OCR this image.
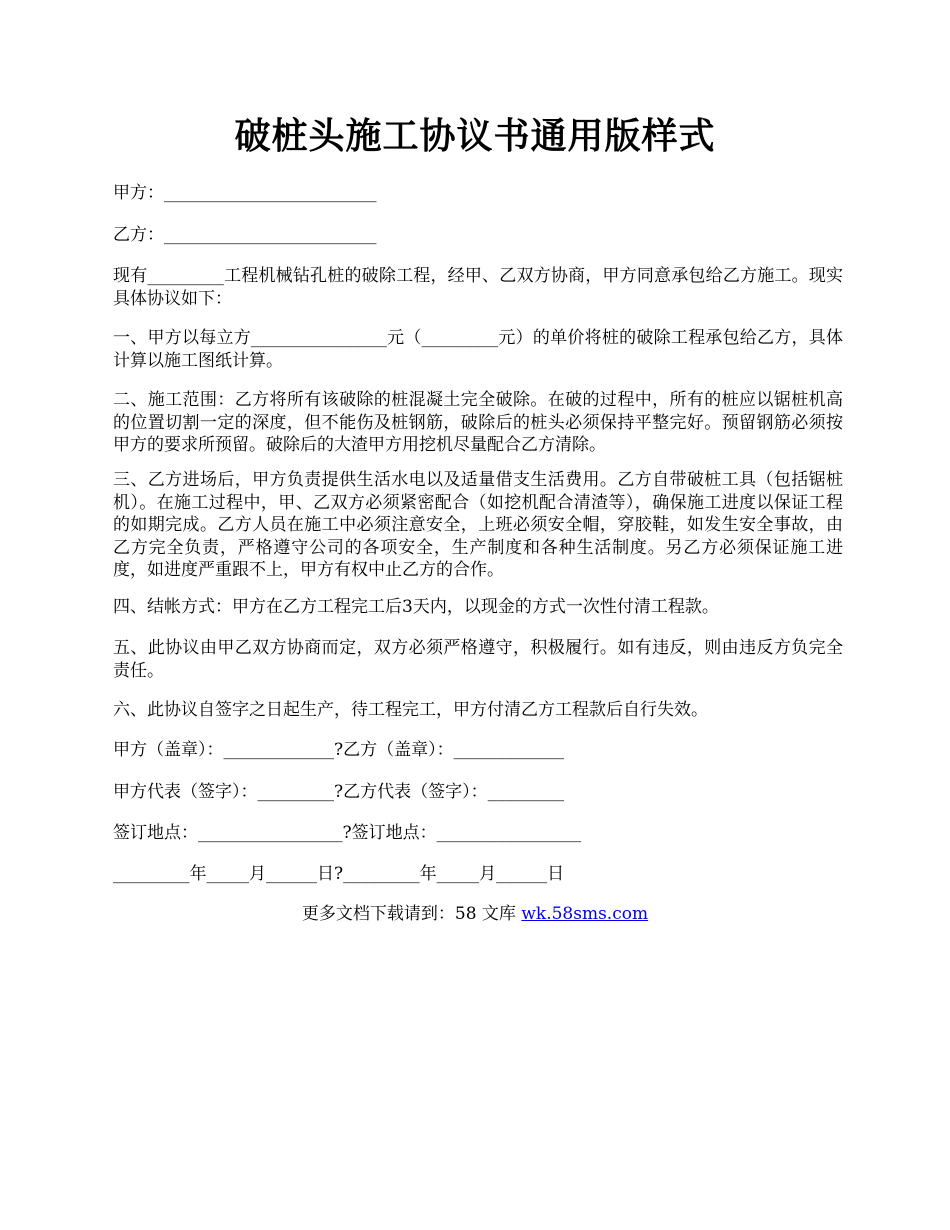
破桩头施工协议书通用版样式
甲方：_________________________
乙方：_________________________
现有_________工程机械钻孔桩的破除工程，经甲、乙双方协商，甲方同意承包给乙方施工。现实具体协议如下：
一、甲方以每立方________________元（_________元）的单价将桩的破除工程承包给乙方，具体计算以施工图纸计算。
二、施工范围：乙方将所有该破除的桩混凝土完全破除。在破的过程中，所有的桩应以锯桩机高的位置切割一定的深度，但不能伤及桩钢筋，破除后的桩头必须保持平整完好。预留钢筋必须按甲方的要求所预留。破除后的大渣甲方用挖机尽量配合乙方清除。
三、乙方进场后，甲方负责提供生活水电以及适量借支生活费用。乙方自带破桩工具（包括锯桩机）。在施工过程中，甲、乙双方必须紧密配合（如挖机配合清渣等），确保施工进度以保证工程的如期完成。乙方人员在施工中必须注意安全，上班必须安全帽，穿胶鞋，如发生安全事故，由乙方完全负责，严格遵守公司的各项安全，生产制度和各种生活制度。另乙方必须保证施工进度，如进度严重跟不上，甲方有权中止乙方的合作。
四、结帐方式：甲方在乙方工程完工后3天内，以现金的方式一次性付清工程款。
五、此协议由甲乙双方协商而定，双方必须严格遵守，积极履行。如有违反，则由违反方负完全责任。
六、此协议自签字之日起生产，待工程完工，甲方付清乙方工程款后自行失效。
甲方（盖章）：_____________?乙方（盖章）：_____________
甲方代表（签字）：_________?乙方代表（签字）：_________
签订地点：_________________?签订地点：_________________
_________年_____月______日?_________年_____月______日
更多文档下载请到：58 文库 wk.58sms.com
